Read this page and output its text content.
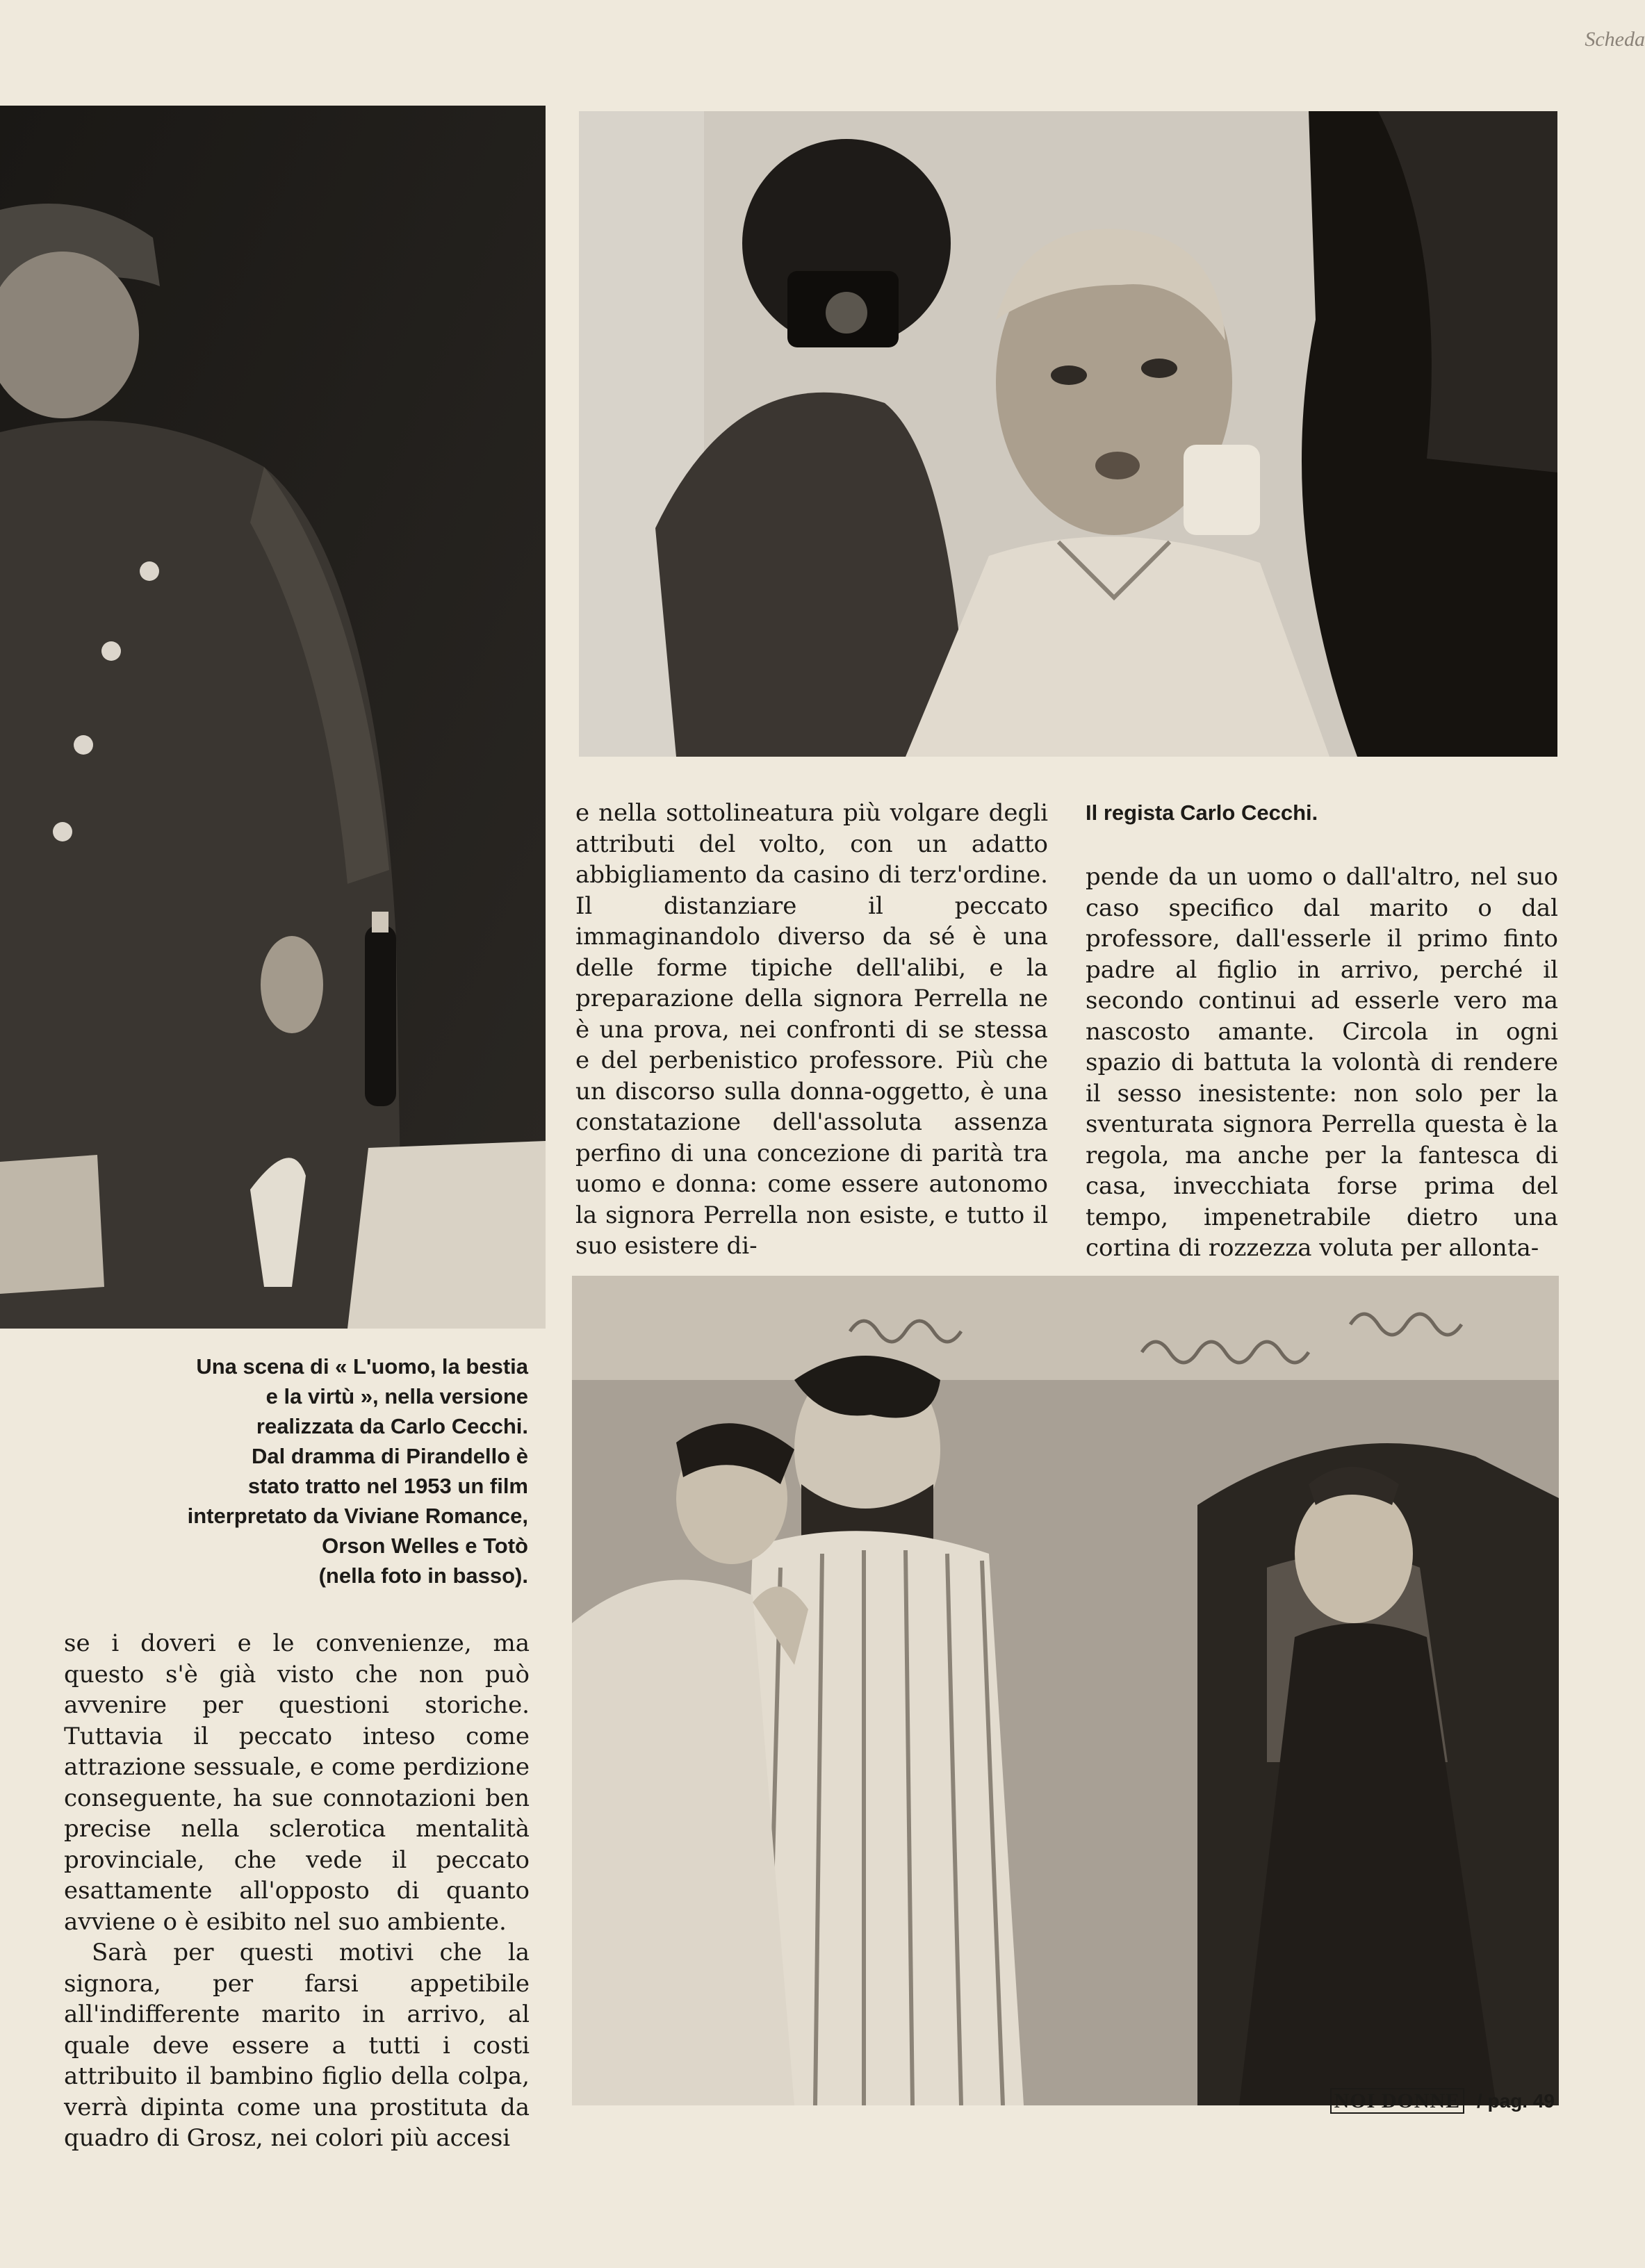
Scheda

e nella sottolineatura più volgare degli attributi del volto, con un adatto abbigliamento da casino di terz'ordine. Il distanziare il peccato immaginandolo diverso da sé è una delle forme tipiche dell'alibi, e la preparazione della signora Perrella ne è una prova, nei confronti di se stessa e del perbenistico professore. Più che un discorso sulla donna-oggetto, è una constatazione dell'assoluta assenza perfino di una concezione di parità tra uomo e donna: come essere autonomo la signora Perrella non esiste, e tutto il suo esistere di-

Il regista Carlo Cecchi.

pende da un uomo o dall'altro, nel suo caso specifico dal marito o dal professore, dall'esserle il primo finto padre al figlio in arrivo, perché il secondo continui ad esserle vero ma nascosto amante. Circola in ogni spazio di battuta la volontà di rendere il sesso inesistente: non solo per la sventurata signora Perrella questa è la regola, ma anche per la fantesca di casa, invecchiata forse prima del tempo, impenetrabile dietro una cortina di rozzezza voluta per allonta-

Una scena di « L'uomo, la bestia
e la virtù », nella versione
realizzata da Carlo Cecchi.
Dal dramma di Pirandello è
stato tratto nel 1953 un film
interpretato da Viviane Romance,
Orson Welles e Totò
(nella foto in basso).

se i doveri e le convenienze, ma questo s'è già visto che non può avvenire per questioni storiche. Tuttavia il peccato inteso come attrazione sessuale, e come perdizione conseguente, ha sue connotazioni ben precise nella sclerotica mentalità provinciale, che vede il peccato esattamente all'opposto di quanto avviene o è esibito nel suo ambiente.

Sarà per questi motivi che la signora, per farsi appetibile all'indifferente marito in arrivo, al quale deve essere a tutti i costi attribuito il bambino figlio della colpa, verrà dipinta come una prostituta da quadro di Grosz, nei colori più accesi

NOI DONNE / pag. 49
